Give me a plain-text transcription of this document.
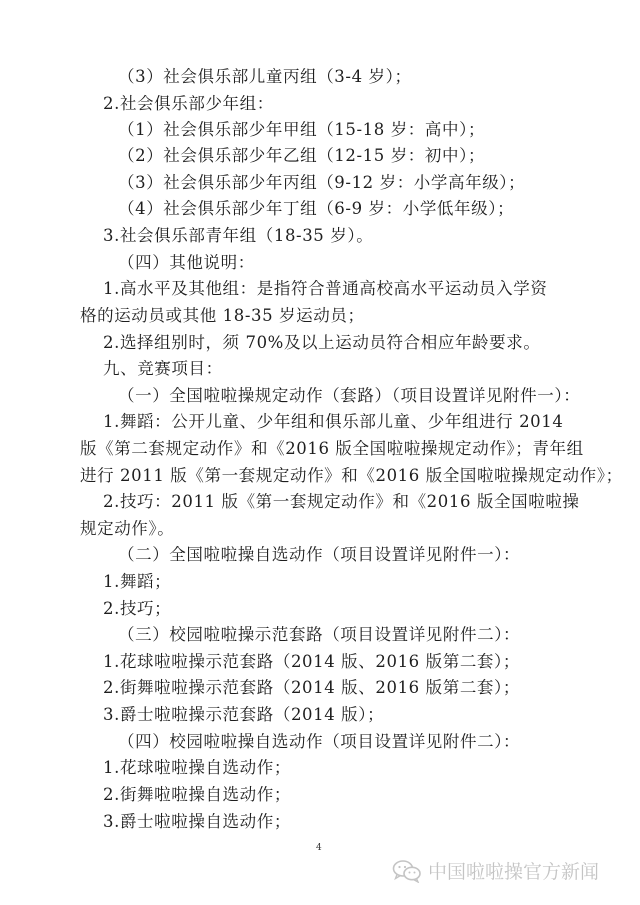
（3）社会俱乐部儿童丙组（3-4 岁）；
2.社会俱乐部少年组：
（1）社会俱乐部少年甲组（15-18 岁：高中）；
（2）社会俱乐部少年乙组（12-15 岁：初中）；
（3）社会俱乐部少年丙组（9-12 岁：小学高年级）；
（4）社会俱乐部少年丁组（6-9 岁：小学低年级）；
3.社会俱乐部青年组（18-35 岁）。
（四）其他说明：
1.高水平及其他组：是指符合普通高校高水平运动员入学资
格的运动员或其他 18-35 岁运动员；
2.选择组别时，须 70%及以上运动员符合相应年龄要求。
九、竞赛项目：
（一）全国啦啦操规定动作（套路）（项目设置详见附件一）：
1.舞蹈：公开儿童、少年组和俱乐部儿童、少年组进行 2014
版《第二套规定动作》和《2016 版全国啦啦操规定动作》；青年组
进行 2011 版《第一套规定动作》和《2016 版全国啦啦操规定动作》；
2.技巧：2011 版《第一套规定动作》和《2016 版全国啦啦操
规定动作》。
（二）全国啦啦操自选动作（项目设置详见附件一）：
1.舞蹈；
2.技巧；
（三）校园啦啦操示范套路（项目设置详见附件二）：
1.花球啦啦操示范套路（2014 版、2016 版第二套）；
2.街舞啦啦操示范套路（2014 版、2016 版第二套）；
3.爵士啦啦操示范套路（2014 版）；
（四）校园啦啦操自选动作（项目设置详见附件二）：
1.花球啦啦操自选动作；
2.街舞啦啦操自选动作；
3.爵士啦啦操自选动作；
4
中国啦啦操官方新闻
